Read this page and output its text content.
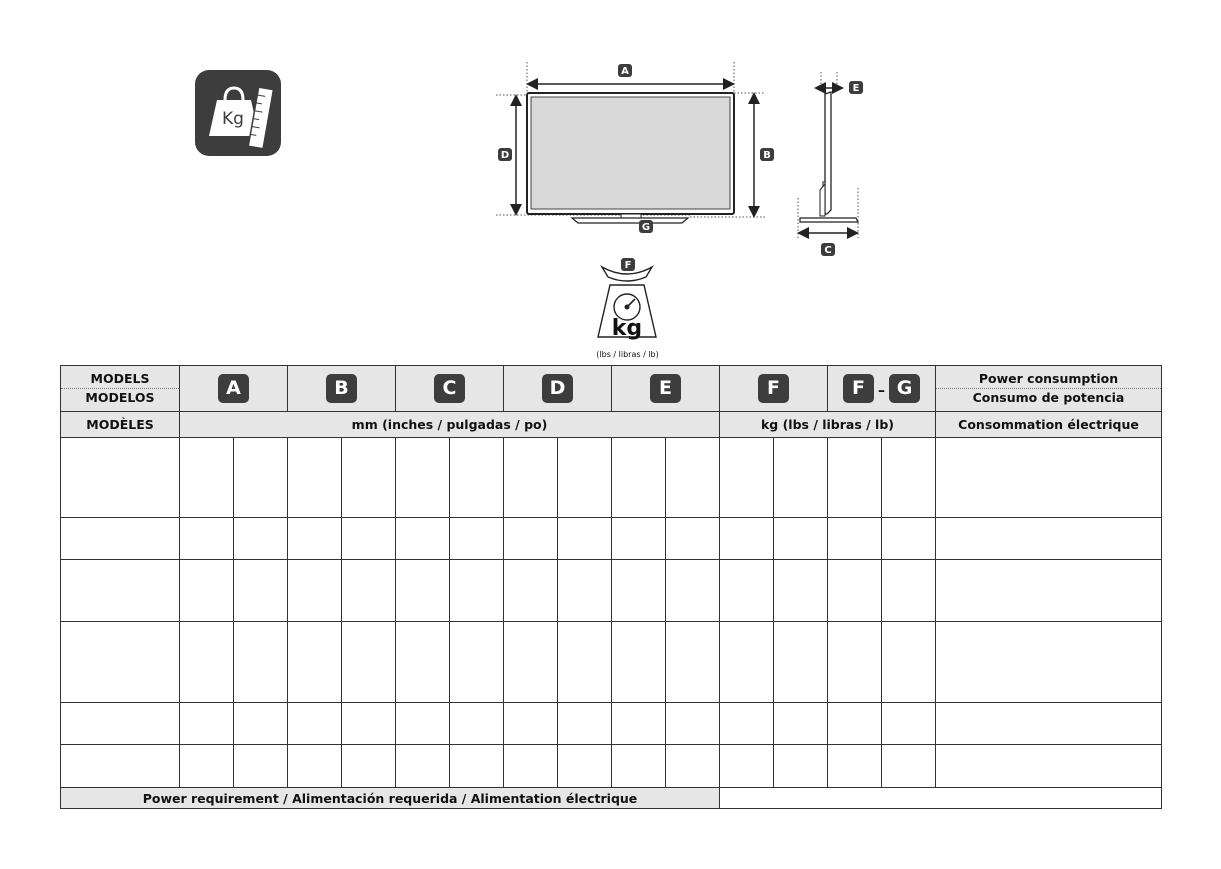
Kg
A
D	B
G
E
C
F
kg
(lbs / libras / lb)
MODELS
MODELOS	A		B		C		D		E		F		F – G		Power consumption
Consumo de potencia

MODÈLES	mm (inches / pulgadas / po)										kg (lbs / libras / lb)				Consommation électrique

Power requirement / Alimentación requerida / Alimentation électrique															
